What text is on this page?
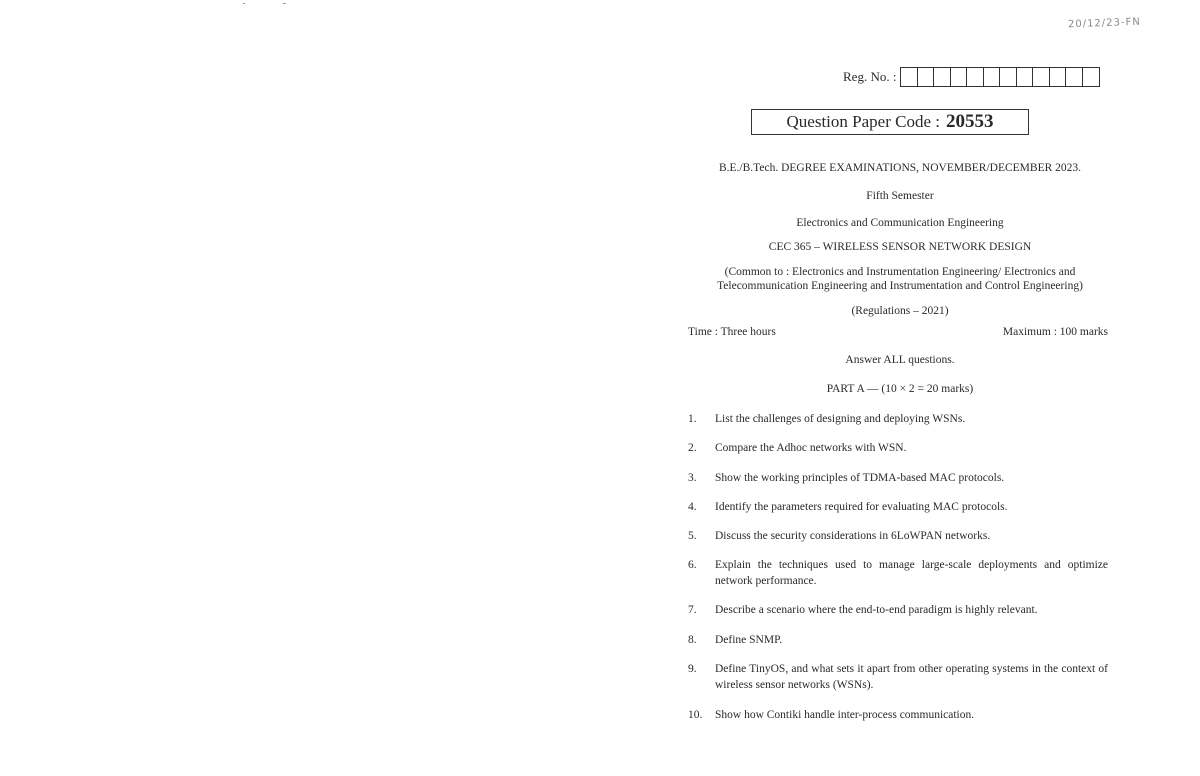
20/12/23-FN
Reg. No. :
Question Paper Code : 20553
B.E./B.Tech. DEGREE EXAMINATIONS, NOVEMBER/DECEMBER 2023.
Fifth Semester
Electronics and Communication Engineering
CEC 365 – WIRELESS SENSOR NETWORK DESIGN
(Common to : Electronics and Instrumentation Engineering/ Electronics and
Telecommunication Engineering and Instrumentation and Control Engineering)
(Regulations – 2021)
Time : Three hours	Maximum : 100 marks
Answer ALL questions.
PART A — (10 × 2 = 20 marks)
1.	List the challenges of designing and deploying WSNs.
2.	Compare the Adhoc networks with WSN.
3.	Show the working principles of TDMA-based MAC protocols.
4.	Identify the parameters required for evaluating MAC protocols.
5.	Discuss the security considerations in 6LoWPAN networks.
6.	Explain the techniques used to manage large-scale deployments and optimize network performance.
7.	Describe a scenario where the end-to-end paradigm is highly relevant.
8.	Define SNMP.
9.	Define TinyOS, and what sets it apart from other operating systems in the context of wireless sensor networks (WSNs).
10.	Show how Contiki handle inter-process communication.
